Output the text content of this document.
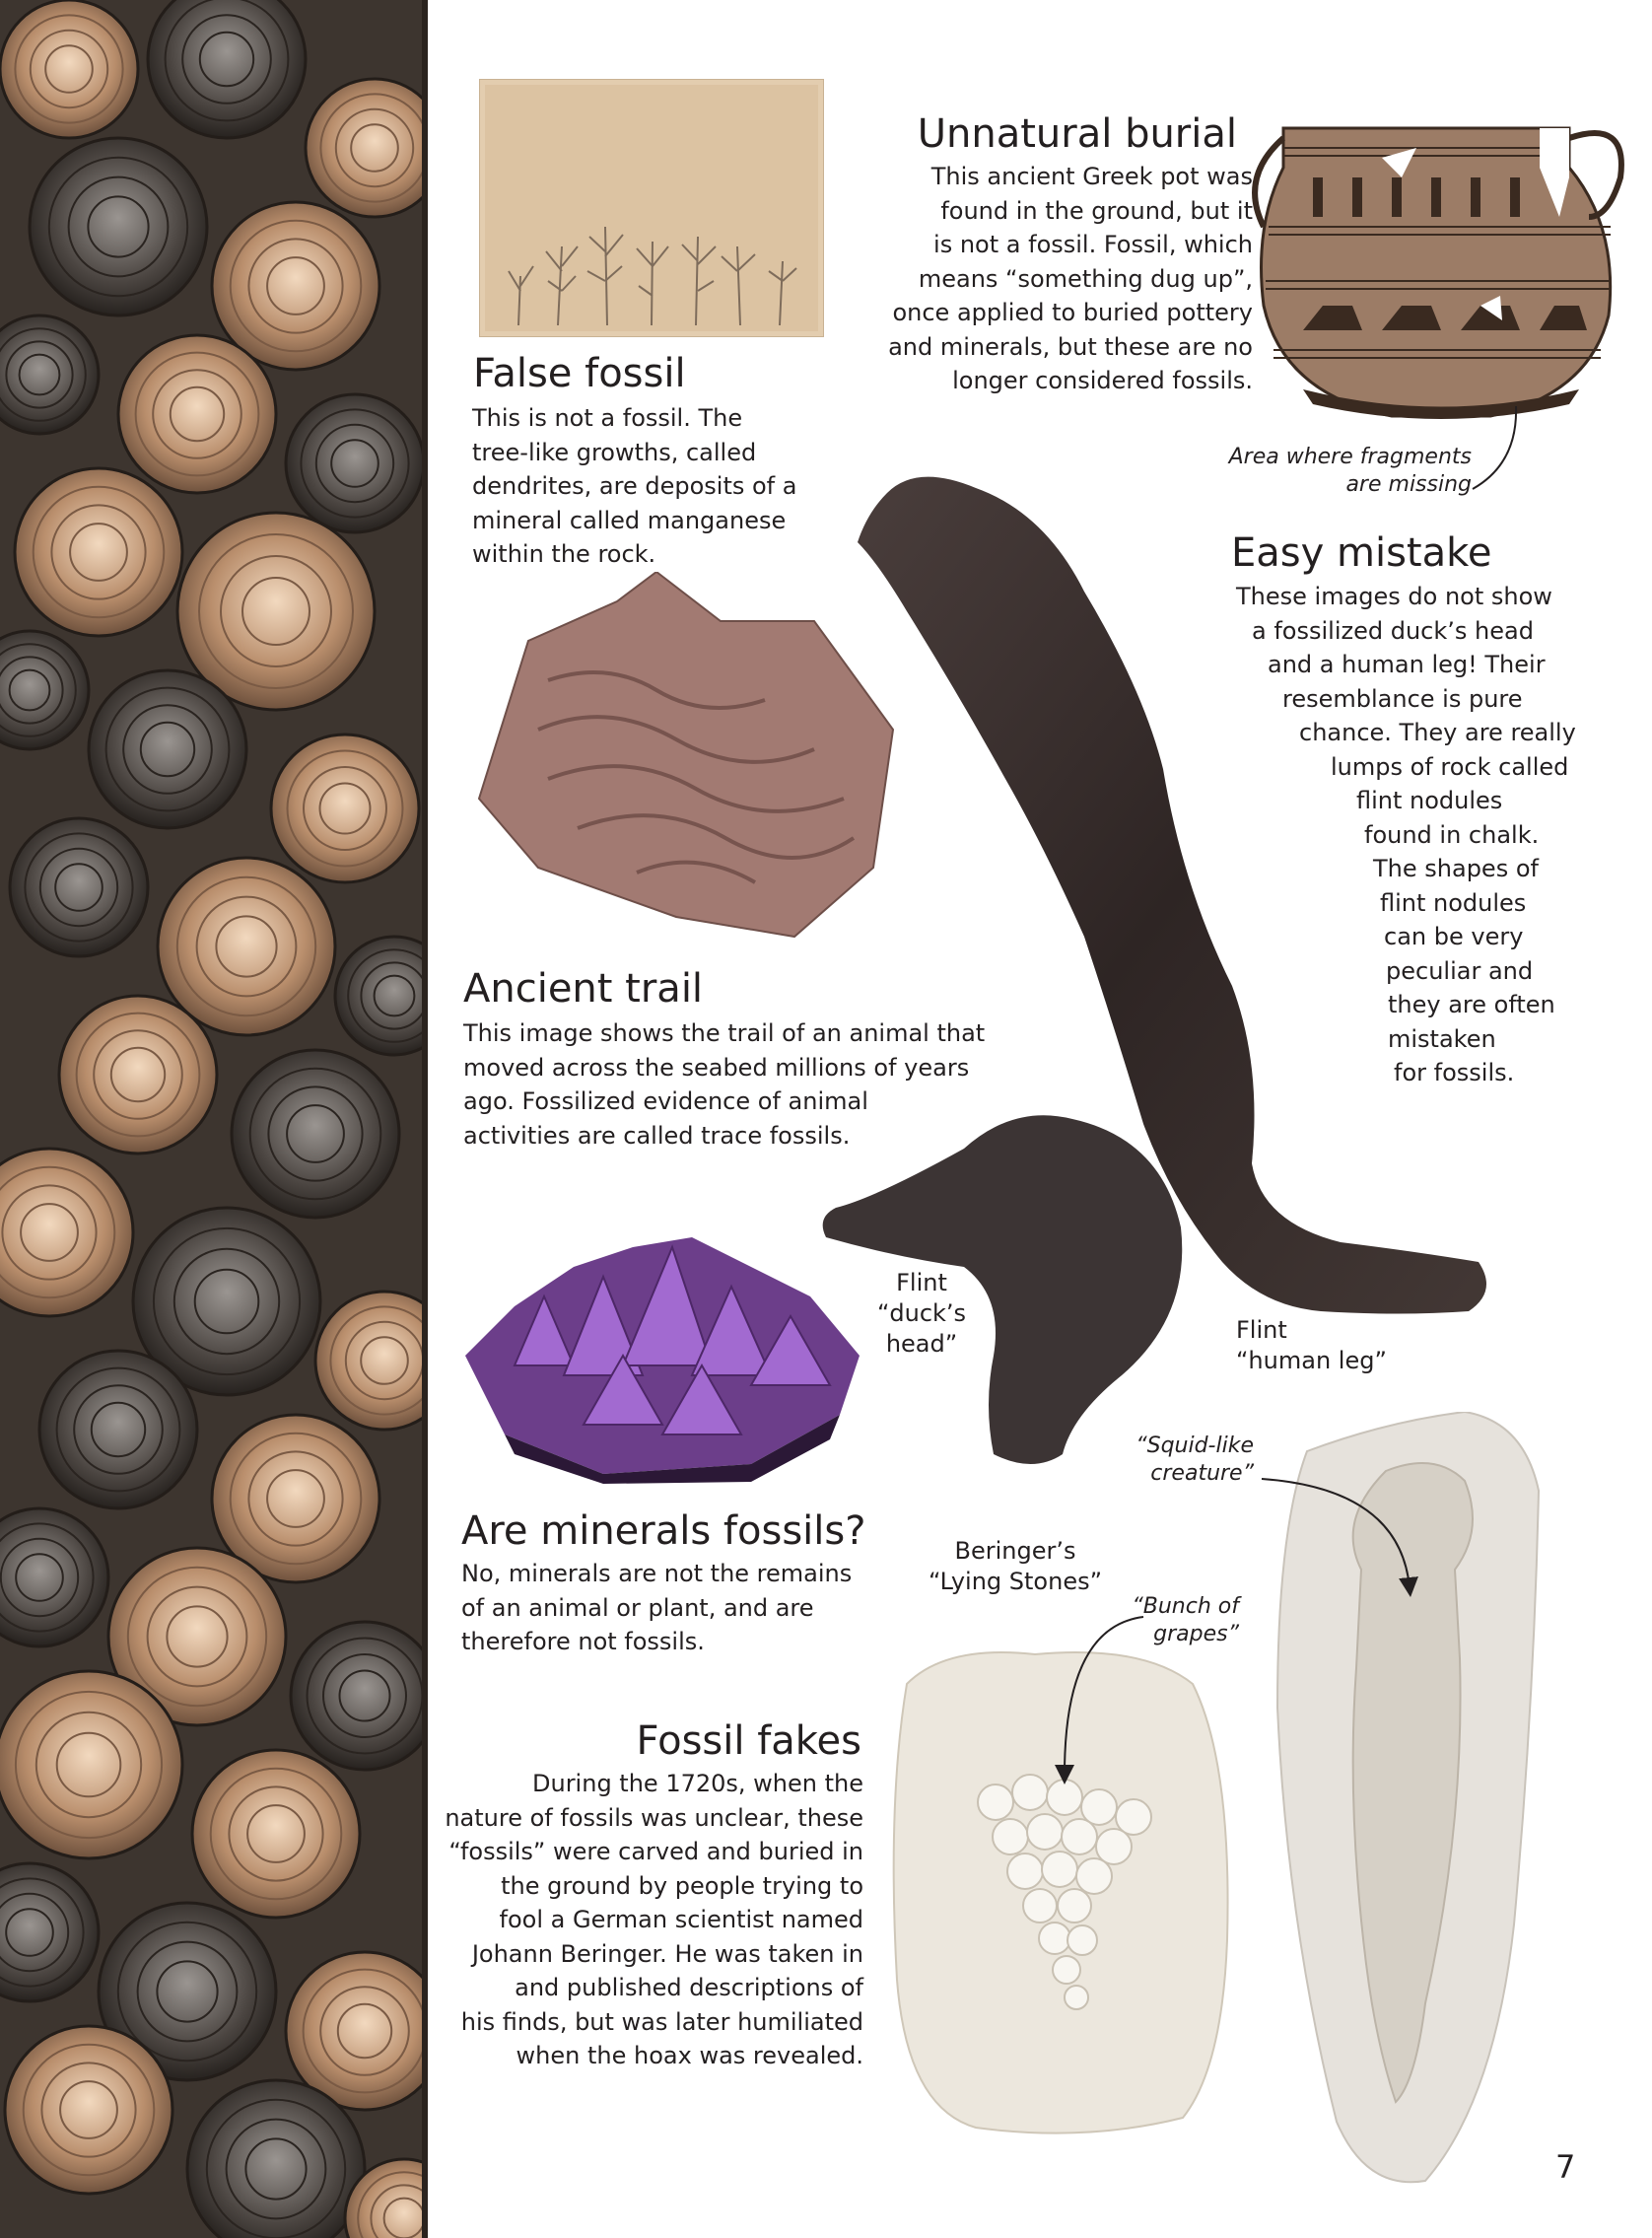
False fossil
This is not a fossil. The
tree-like growths, called
dendrites, are deposits of a
mineral called manganese
within the rock.
Unnatural burial
This ancient Greek pot was
found in the ground, but it
is not a fossil. Fossil, which
means “something dug up”,
once applied to buried pottery
and minerals, but these are no
longer considered fossils.
Area where fragments
are missing
Ancient trail
This image shows the trail of an animal that
moved across the seabed millions of years
ago. Fossilized evidence of animal
activities are called trace fossils.
Easy mistake
These images do not show
a fossilized duck’s head
and a human leg! Their
resemblance is pure
chance. They are really
lumps of rock called
flint nodules
found in chalk.
The shapes of
flint nodules
can be very
peculiar and
they are often
mistaken
for fossils.
Flint
“duck’s
head”	Flint
“human leg”
Are minerals fossils?
No, minerals are not the remains
of an animal or plant, and are
therefore not fossils.
Beringer’s
“Lying Stones”
“Squid-like
creature”
“Bunch of
grapes”
Fossil fakes
During the 1720s, when the
nature of fossils was unclear, these
“fossils” were carved and buried in
the ground by people trying to
fool a German scientist named
Johann Beringer. He was taken in
and published descriptions of
his finds, but was later humiliated
when the hoax was revealed.
7
